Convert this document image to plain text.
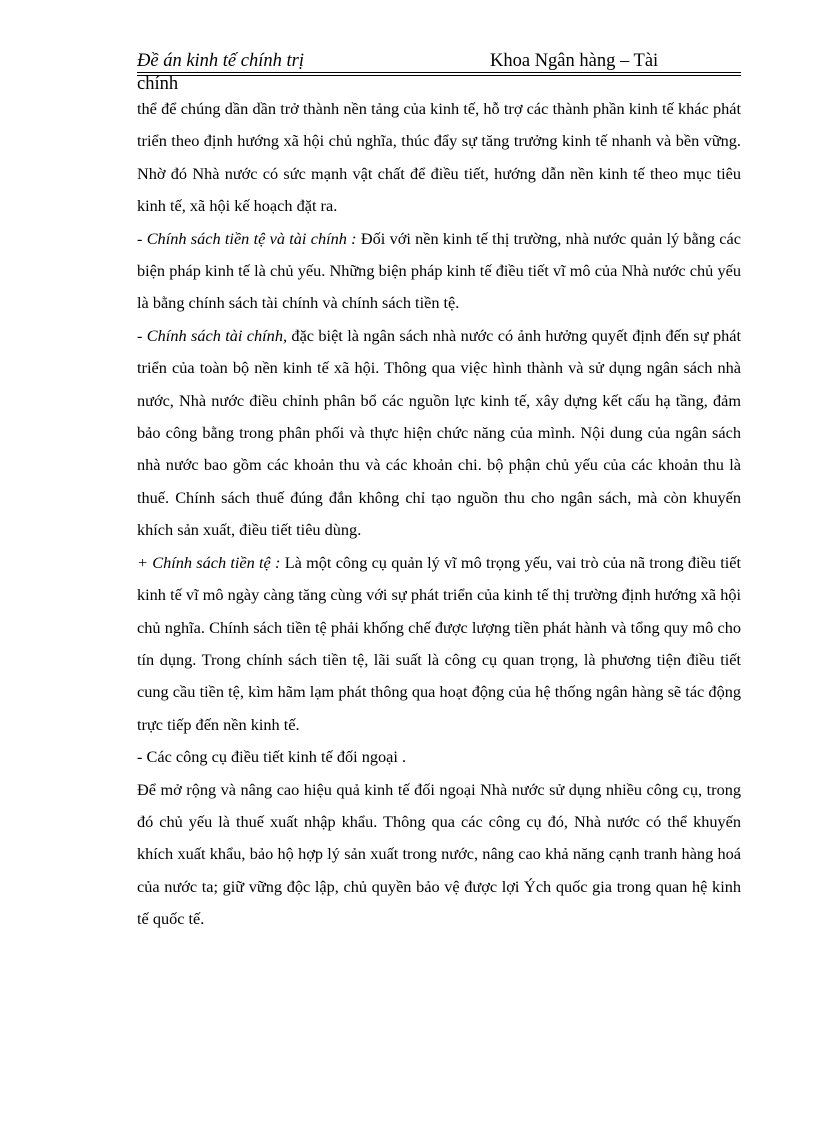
Đề án kinh tế chính trị	Khoa Ngân hàng – Tài
chính

thể để chúng dần dần trở thành nền tảng của kinh tế, hỗ trợ các thành phần kinh tế khác phát triển theo định hướng xã hội chủ nghĩa, thúc đẩy sự tăng trưởng kinh tế nhanh và bền vững. Nhờ đó Nhà nước có sức mạnh vật chất để điều tiết, hướng dẫn nền kinh tế theo mục tiêu kinh tế, xã hội kế hoạch đặt ra.

- Chính sách tiền tệ và tài chính : Đối với nền kinh tế thị trường, nhà nước quản lý bằng các biện pháp kinh tế là chủ yếu. Những biện pháp kinh tế điều tiết vĩ mô của Nhà nước chủ yếu là bằng chính sách tài chính và chính sách tiền tệ.

- Chính sách tài chính, đặc biệt là ngân sách nhà nước có ảnh hưởng quyết định đến sự phát triển của toàn bộ nền kinh tế xã hội. Thông qua việc hình thành và sử dụng ngân sách nhà nước, Nhà nước điều chỉnh phân bổ các nguồn lực kinh tế, xây dựng kết cấu hạ tầng, đảm bảo công bằng trong phân phối và thực hiện chức năng của mình. Nội dung của ngân sách nhà nước bao gồm các khoản thu và các khoản chi. bộ phận chủ yếu của các khoản thu là thuế. Chính sách thuế đúng đắn không chỉ tạo nguồn thu cho ngân sách, mà còn khuyến khích sản xuất, điều tiết tiêu dùng.

+ Chính sách tiền tệ : Là một công cụ quản lý vĩ mô trọng yếu, vai trò của nã trong điều tiết kinh tế vĩ mô ngày càng tăng cùng với sự phát triển của kinh tế thị trường định hướng xã hội chủ nghĩa. Chính sách tiền tệ phải khống chế được lượng tiền phát hành và tổng quy mô cho tín dụng. Trong chính sách tiền tệ, lãi suất là công cụ quan trọng, là phương tiện điều tiết cung cầu tiền tệ, kìm hãm lạm phát thông qua hoạt động của hệ thống ngân hàng sẽ tác động trực tiếp đến nền kinh tế.

- Các công cụ điều tiết kinh tế đối ngoại .

Để mở rộng và nâng cao hiệu quả kinh tế đối ngoại Nhà nước sử dụng nhiều công cụ, trong đó chủ yếu là thuế xuất nhập khẩu. Thông qua các công cụ đó, Nhà nước có thể khuyến khích xuất khẩu, bảo hộ hợp lý sản xuất trong nước, nâng cao khả năng cạnh tranh hàng hoá của nước ta; giữ vững độc lập, chủ quyền bảo vệ được lợi Ých quốc gia trong quan hệ kinh tế quốc tế.
